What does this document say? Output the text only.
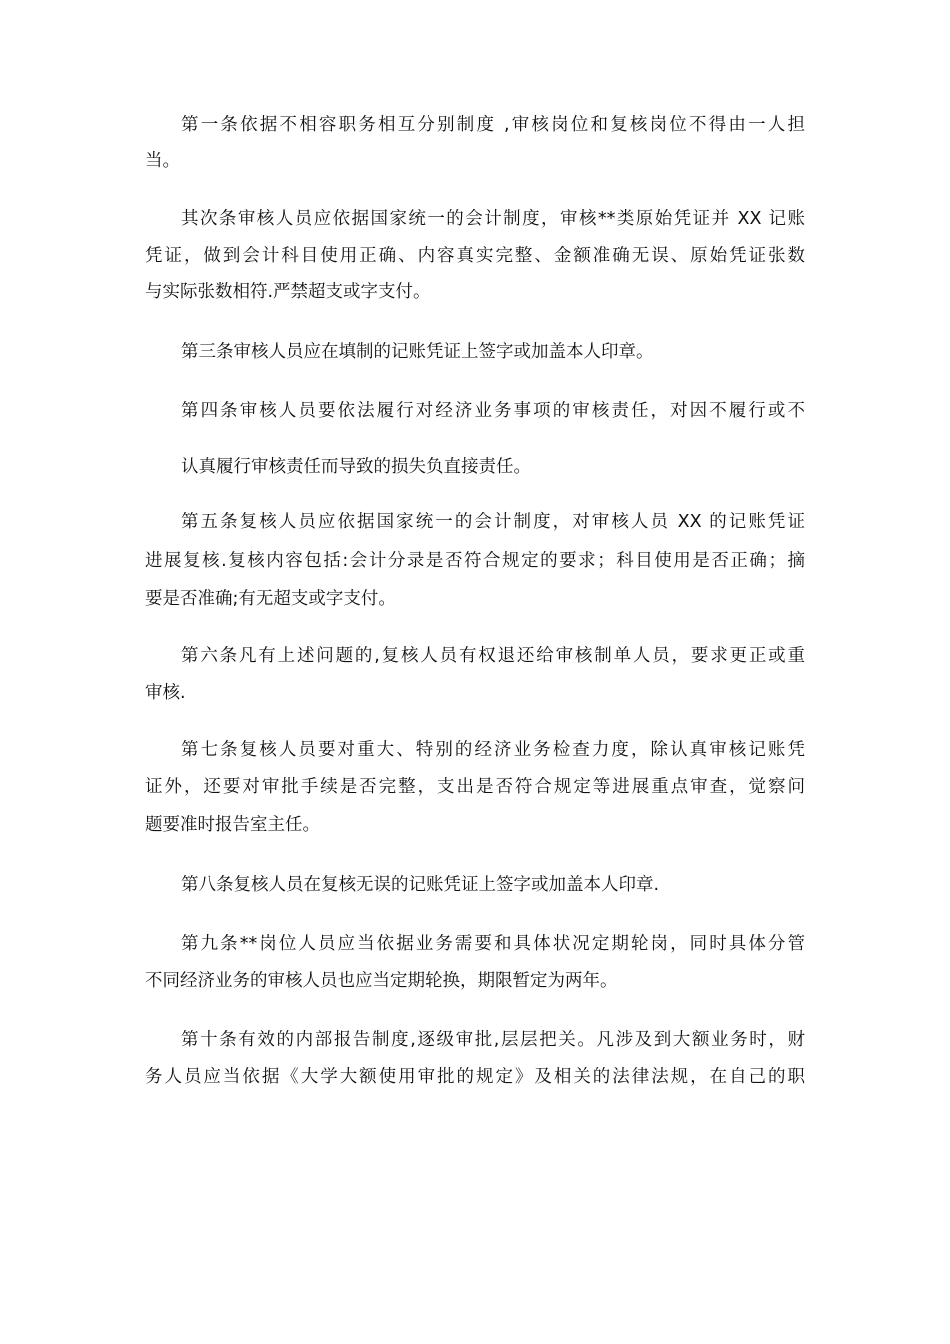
第一条依据不相容职务相互分别制度 ,审核岗位和复核岗位不得由一人担
当。
其次条审核人员应依据国家统一的会计制度，审核**类原始凭证并 XX 记账
凭证，做到会计科目使用正确、内容真实完整、金额准确无误、原始凭证张数
与实际张数相符.严禁超支或字支付。
第三条审核人员应在填制的记账凭证上签字或加盖本人印章。
第四条审核人员要依法履行对经济业务事项的审核责任，对因不履行或不
认真履行审核责任而导致的损失负直接责任。
第五条复核人员应依据国家统一的会计制度，对审核人员 XX 的记账凭证
进展复核.复核内容包括:会计分录是否符合规定的要求；科目使用是否正确；摘
要是否准确;有无超支或字支付。
第六条凡有上述问题的,复核人员有权退还给审核制单人员，要求更正或重
审核.
第七条复核人员要对重大、特别的经济业务检查力度，除认真审核记账凭
证外，还要对审批手续是否完整，支出是否符合规定等进展重点审查，觉察问
题要准时报告室主任。
第八条复核人员在复核无误的记账凭证上签字或加盖本人印章.
第九条**岗位人员应当依据业务需要和具体状况定期轮岗，同时具体分管
不同经济业务的审核人员也应当定期轮换，期限暂定为两年。
第十条有效的内部报告制度,逐级审批,层层把关。凡涉及到大额业务时，财
务人员应当依据《大学大额使用审批的规定》及相关的法律法规，在自己的职
